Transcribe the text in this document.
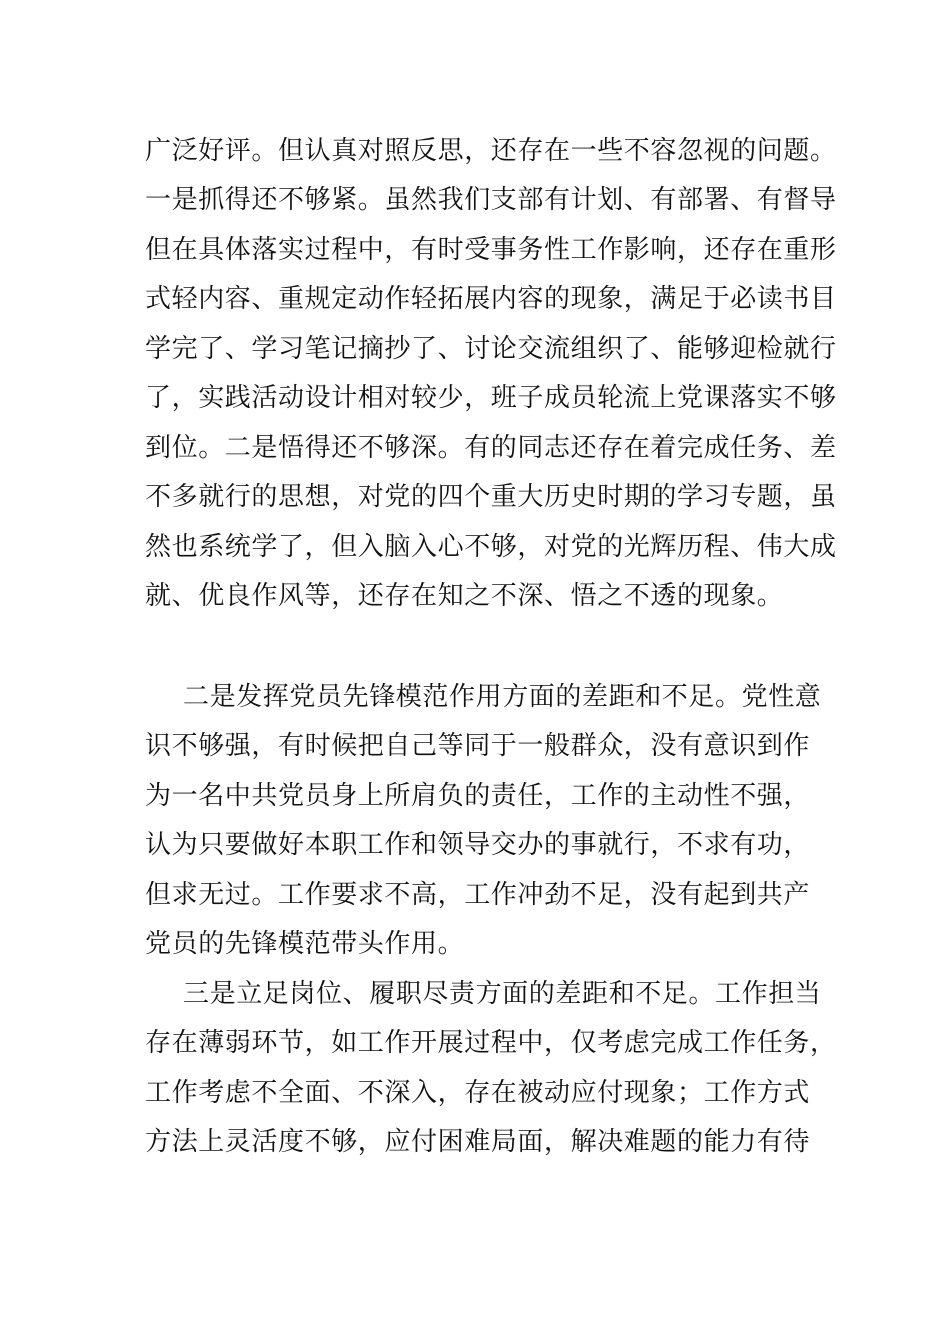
广泛好评。但认真对照反思，还存在一些不容忽视的问题。
一是抓得还不够紧。虽然我们支部有计划、有部署、有督导
但在具体落实过程中，有时受事务性工作影响，还存在重形
式轻内容、重规定动作轻拓展内容的现象，满足于必读书目
学完了、学习笔记摘抄了、讨论交流组织了、能够迎检就行
了，实践活动设计相对较少，班子成员轮流上党课落实不够
到位。二是悟得还不够深。有的同志还存在着完成任务、差
不多就行的思想，对党的四个重大历史时期的学习专题，虽
然也系统学了，但入脑入心不够，对党的光辉历程、伟大成
就、优良作风等，还存在知之不深、悟之不透的现象。
二是发挥党员先锋模范作用方面的差距和不足。党性意
识不够强，有时候把自己等同于一般群众，没有意识到作
为一名中共党员身上所肩负的责任，工作的主动性不强，
认为只要做好本职工作和领导交办的事就行，不求有功，
但求无过。工作要求不高，工作冲劲不足，没有起到共产
党员的先锋模范带头作用。
三是立足岗位、履职尽责方面的差距和不足。工作担当
存在薄弱环节，如工作开展过程中，仅考虑完成工作任务，
工作考虑不全面、不深入，存在被动应付现象；工作方式
方法上灵活度不够，应付困难局面，解决难题的能力有待
